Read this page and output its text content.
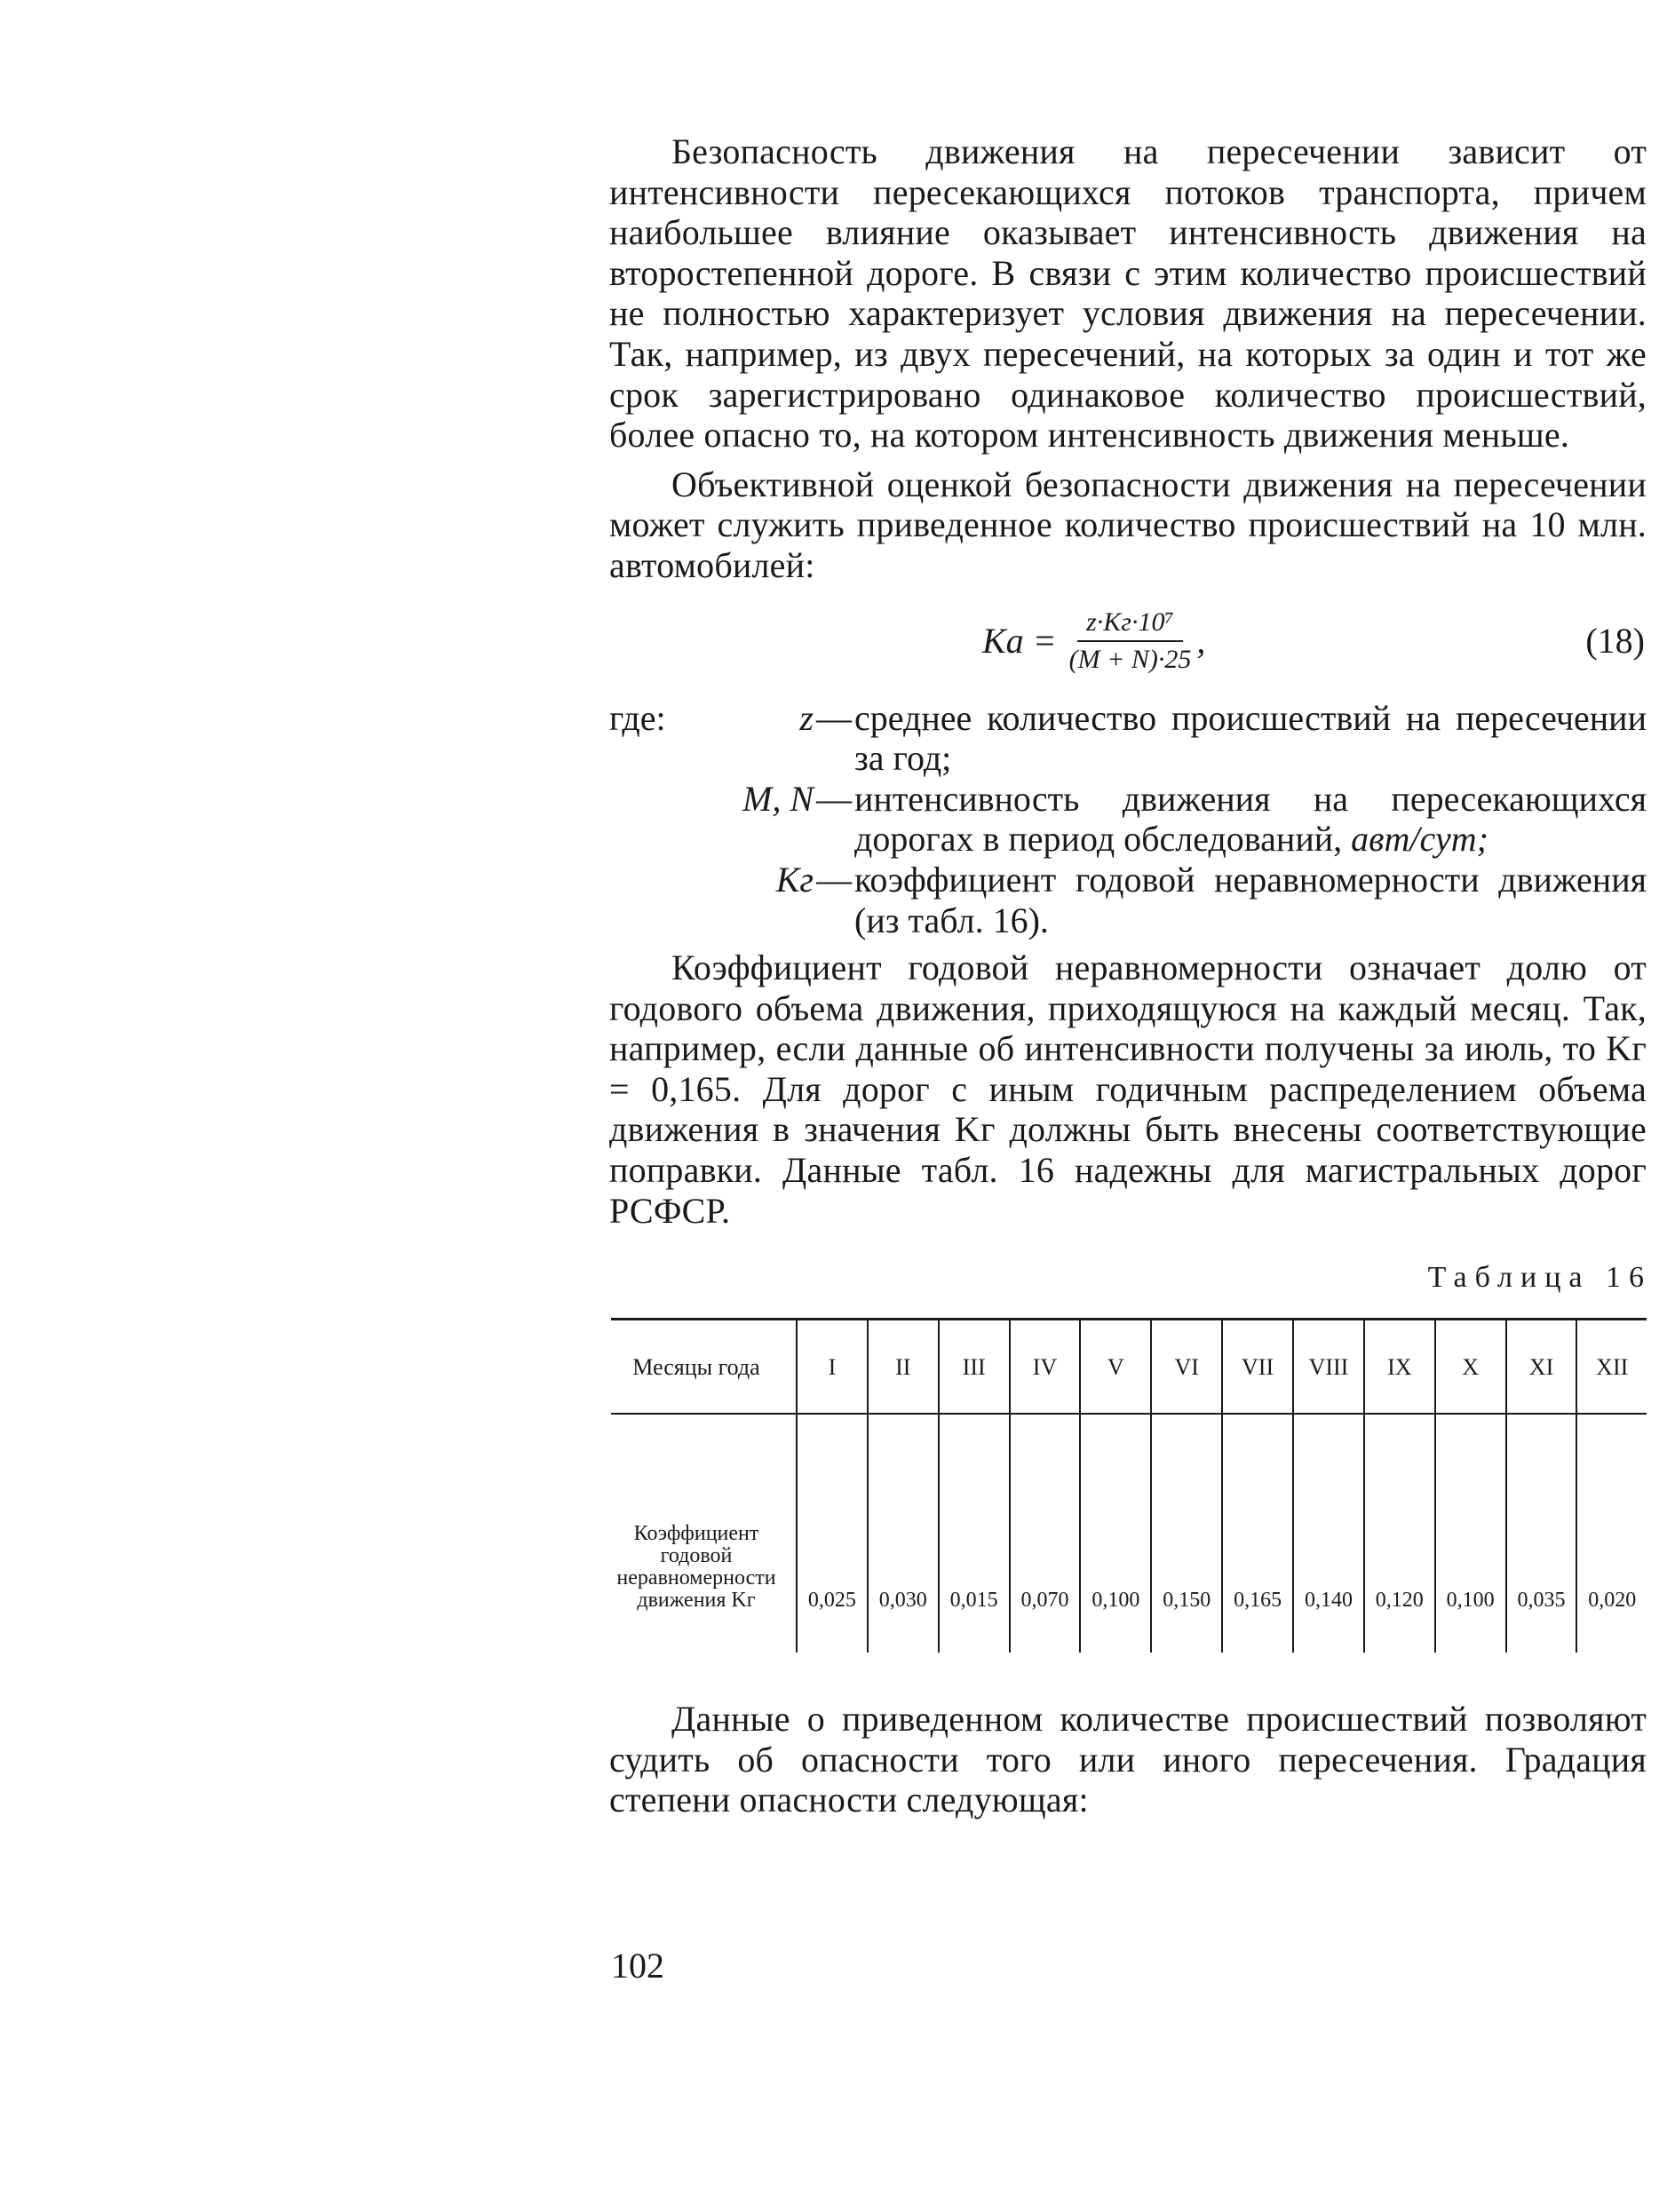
Безопасность движения на пересечении зависит от интенсивности пересекающихся потоков транспорта, причем наибольшее влияние оказывает интенсивность движения на второстепенной дороге. В связи с этим количество происшествий не полностью характеризует условия движения на пересечении. Так, например, из двух пересечений, на которых за один и тот же срок зарегистрировано одинаковое количество происшествий, более опасно то, на котором интенсивность движения меньше.

Объективной оценкой безопасности движения на пересечении может служить приведенное количество происшествий на 10 млн. автомобилей:

Kа = $\frac{\text{z·Kг·10⁷}}{(M + N)\cdot 25}$ ,	(18)
где:	z — среднее количество происшествий на пересечении за год;
M, N — интенсивность движения на пересекающихся дорогах в период обследований, авт/сут;
Kг — коэффициент годовой неравномерности движения (из табл. 16).

Коэффициент годовой неравномерности означает долю от годового объема движения, приходящуюся на каждый месяц. Так, например, если данные об интенсивности получены за июль, то Kг = 0,165. Для дорог с иным годичным распределением объема движения в значения Kг должны быть внесены соответствующие поправки. Данные табл. 16 надежны для магистральных дорог РСФСР.

Таблица 16
Месяцы года	I	II	III	IV	V	VI	VII	VIII	IX	X	XI	XII
Коэффициент годовой неравномерности движения Kг	0,025	0,030	0,015	0,070	0,100	0,150	0,165	0,140	0,120	0,100	0,035	0,020

Данные о приведенном количестве происшествий позволяют судить об опасности того или иного пересечения. Градация степени опасности следующая:

102
